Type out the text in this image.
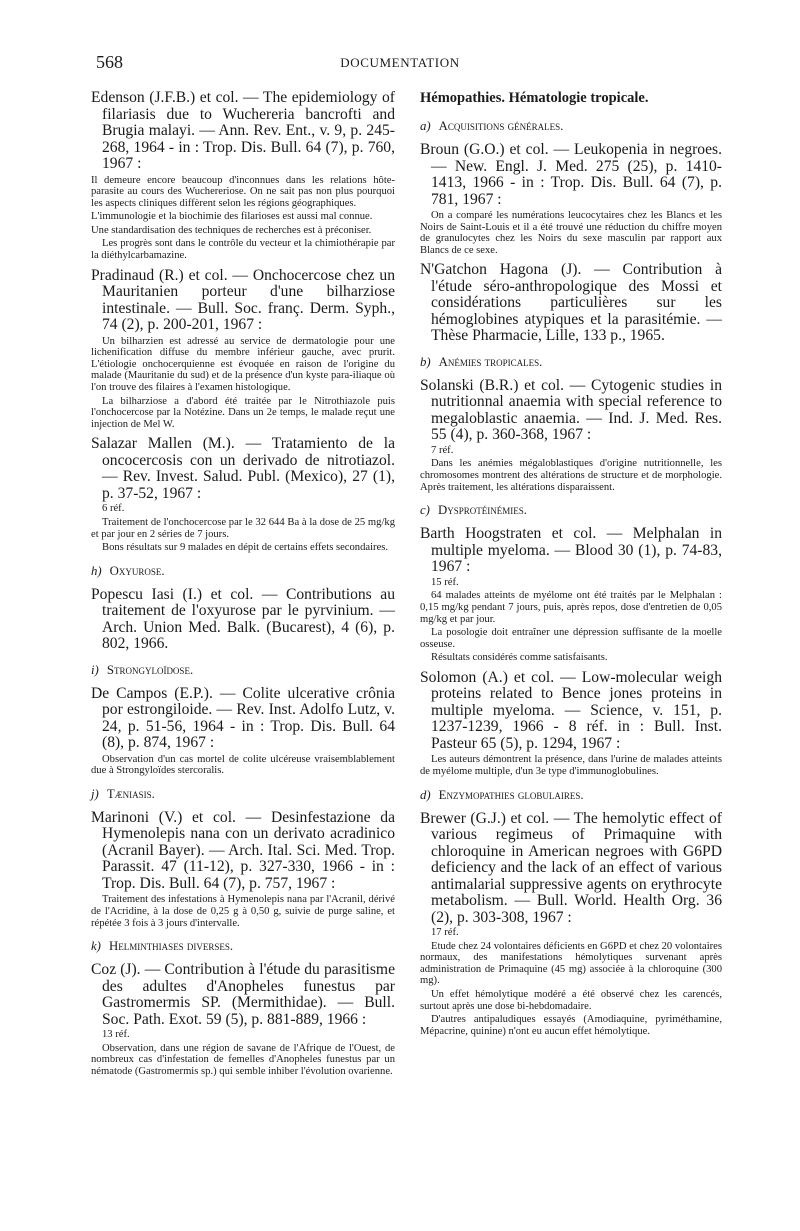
568	DOCUMENTATION

Edenson (J.F.B.) et col. — The epidemiology of filariasis due to Wuchereria bancrofti and Brugia malayi. — Ann. Rev. Ent., v. 9, p. 245-268, 1964 - in : Trop. Dis. Bull. 64 (7), p. 760, 1967 :

Il demeure encore beaucoup d'inconnues dans les relations hôte-parasite au cours des Wuchereriose. On ne sait pas non plus pourquoi les aspects cliniques diffèrent selon les régions géographiques.

L'immunologie et la biochimie des filarioses est aussi mal connue.

Une standardisation des techniques de recherches est à préconiser.

Les progrès sont dans le contrôle du vecteur et la chimiothérapie par la diéthylcarbamazine.

Pradinaud (R.) et col. — Onchocercose chez un Mauritanien porteur d'une bilharziose intestinale. — Bull. Soc. franç. Derm. Syph., 74 (2), p. 200-201, 1967 :

Un bilharzien est adressé au service de dermatologie pour une lichenification diffuse du membre inférieur gauche, avec prurit. L'étiologie onchocerquienne est évoquée en raison de l'origine du malade (Mauritanie du sud) et de la présence d'un kyste para-iliaque où l'on trouve des filaires à l'examen histologique.

La bilharziose a d'abord été traitée par le Nitrothiazole puis l'onchocercose par la Notézine. Dans un 2e temps, le malade reçut une injection de Mel W.

Salazar Mallen (M.). — Tratamiento de la oncocercosis con un derivado de nitrotiazol. — Rev. Invest. Salud. Publ. (Mexico), 27 (1), p. 37-52, 1967 :

6 réf.

Traitement de l'onchocercose par le 32 644 Ba à la dose de 25 mg/kg et par jour en 2 séries de 7 jours.

Bons résultats sur 9 malades en dépit de certains effets secondaires.

h) Oxyurose.

Popescu Iasi (I.) et col. — Contributions au traitement de l'oxyurose par le pyrvinium. — Arch. Union Med. Balk. (Bucarest), 4 (6), p. 802, 1966.

i) Strongyloïdose.

De Campos (E.P.). — Colite ulcerative crônia por estrongiloide. — Rev. Inst. Adolfo Lutz, v. 24, p. 51-56, 1964 - in : Trop. Dis. Bull. 64 (8), p. 874, 1967 :

Observation d'un cas mortel de colite ulcéreuse vraisemblablement due à Strongyloïdes stercoralis.

j) Tæniasis.

Marinoni (V.) et col. — Desinfestazione da Hymenolepis nana con un derivato acradinico (Acranil Bayer). — Arch. Ital. Sci. Med. Trop. Parassit. 47 (11-12), p. 327-330, 1966 - in : Trop. Dis. Bull. 64 (7), p. 757, 1967 :

Traitement des infestations à Hymenolepis nana par l'Acranil, dérivé de l'Acridine, à la dose de 0,25 g à 0,50 g, suivie de purge saline, et répétée 3 fois à 3 jours d'intervalle.

k) Helminthiases diverses.

Coz (J). — Contribution à l'étude du parasitisme des adultes d'Anopheles funestus par Gastromermis SP. (Mermithidae). — Bull. Soc. Path. Exot. 59 (5), p. 881-889, 1966 :

13 réf.

Observation, dans une région de savane de l'Afrique de l'Ouest, de nombreux cas d'infestation de femelles d'Anopheles funestus par un nématode (Gastromermis sp.) qui semble inhiber l'évolution ovarienne.

Hémopathies. Hématologie tropicale.
a) Acquisitions générales.

Broun (G.O.) et col. — Leukopenia in negroes. — New. Engl. J. Med. 275 (25), p. 1410-1413, 1966 - in : Trop. Dis. Bull. 64 (7), p. 781, 1967 :

On a comparé les numérations leucocytaires chez les Blancs et les Noirs de Saint-Louis et il a été trouvé une réduction du chiffre moyen de granulocytes chez les Noirs du sexe masculin par rapport aux Blancs de ce sexe.

N'Gatchon Hagona (J). — Contribution à l'étude séro-anthropologique des Mossi et considérations particulières sur les hémoglobines atypiques et la parasitémie. — Thèse Pharmacie, Lille, 133 p., 1965.

b) Anémies tropicales.

Solanski (B.R.) et col. — Cytogenic studies in nutritionnal anaemia with special reference to megaloblastic anaemia. — Ind. J. Med. Res. 55 (4), p. 360-368, 1967 :

7 réf.

Dans les anémies mégaloblastiques d'origine nutritionnelle, les chromosomes montrent des altérations de structure et de morphologie. Après traitement, les altérations disparaissent.

c) Dysprotéinémies.

Barth Hoogstraten et col. — Melphalan in multiple myeloma. — Blood 30 (1), p. 74-83, 1967 :

15 réf.

64 malades atteints de myélome ont été traités par le Melphalan : 0,15 mg/kg pendant 7 jours, puis, après repos, dose d'entretien de 0,05 mg/kg et par jour.

La posologie doit entraîner une dépression suffisante de la moelle osseuse.

Résultats considérés comme satisfaisants.

Solomon (A.) et col. — Low-molecular weigh proteins related to Bence jones proteins in multiple myeloma. — Science, v. 151, p. 1237-1239, 1966 - 8 réf. in : Bull. Inst. Pasteur 65 (5), p. 1294, 1967 :

Les auteurs démontrent la présence, dans l'urine de malades atteints de myélome multiple, d'un 3e type d'immunoglobulines.

d) Enzymopathies globulaires.

Brewer (G.J.) et col. — The hemolytic effect of various regimeus of Primaquine with chloroquine in American negroes with G6PD deficiency and the lack of an effect of various antimalarial suppressive agents on erythrocyte metabolism. — Bull. World. Health Org. 36 (2), p. 303-308, 1967 :

17 réf.

Etude chez 24 volontaires déficients en G6PD et chez 20 volontaires normaux, des manifestations hémolytiques survenant après administration de Primaquine (45 mg) associée à la chloroquine (300 mg).

Un effet hémolytique modéré a été observé chez les carencés, surtout après une dose bi-hebdomadaire.

D'autres antipaludiques essayés (Amodiaquine, pyriméthamine, Mépacrine, quinine) n'ont eu aucun effet hémolytique.
